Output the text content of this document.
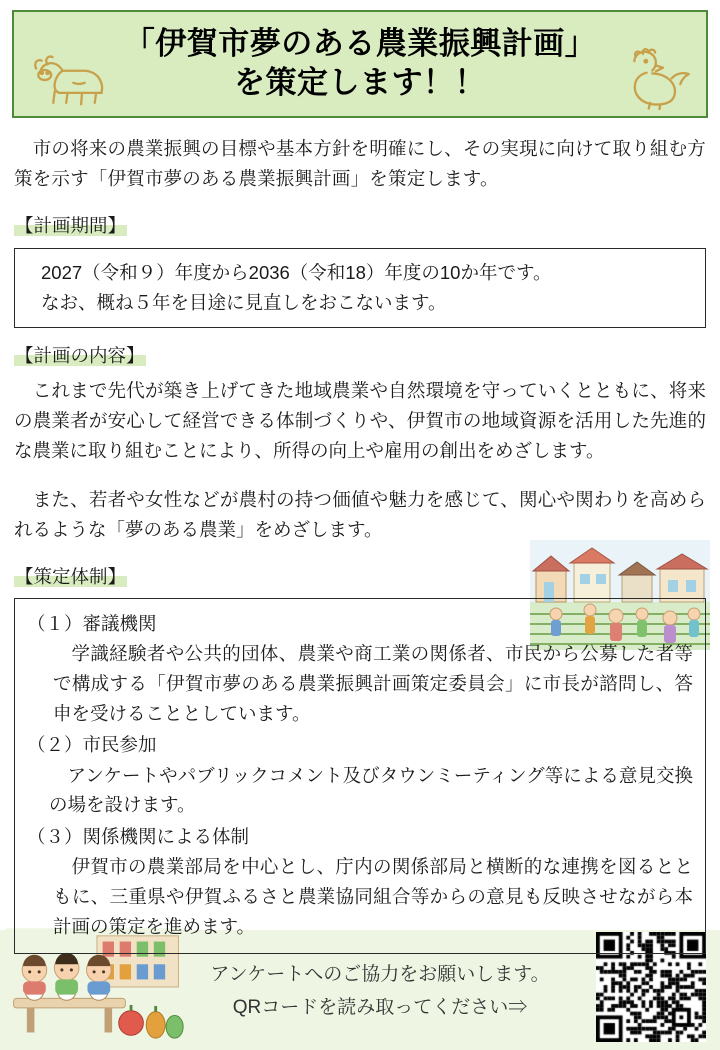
「伊賀市夢のある農業振興計画」
を策定します！！

　市の将来の農業振興の目標や基本方針を明確にし、その実現に向けて取り組む方策を示す「伊賀市夢のある農業振興計画」を策定します。

【計画期間】
2027（令和９）年度から2036（令和18）年度の10か年です。
なお、概ね５年を目途に見直しをおこないます。
【計画の内容】

　これまで先代が築き上げてきた地域農業や自然環境を守っていくとともに、将来の農業者が安心して経営できる体制づくりや、伊賀市の地域資源を活用した先進的な農業に取り組むことにより、所得の向上や雇用の創出をめざします。

　また、若者や女性などが農村の持つ価値や魅力を感じて、関心や関わりを高められるような「夢のある農業」をめざします。

【策定体制】
（１）審議機関
学識経験者や公共的団体、農業や商工業の関係者、市民から公募した者等で構成する「伊賀市夢のある農業振興計画策定委員会」に市長が諮問し、答申を受けることとしています。
（２）市民参加
アンケートやパブリックコメント及びタウンミーティング等による意見交換の場を設けます。
（３）関係機関による体制
伊賀市の農業部局を中心とし、庁内の関係部局と横断的な連携を図るとともに、三重県や伊賀ふるさと農業協同組合等からの意見も反映させながら本計画の策定を進めます。
アンケートへのご協力をお願いします。
QRコードを読み取ってください⇒
